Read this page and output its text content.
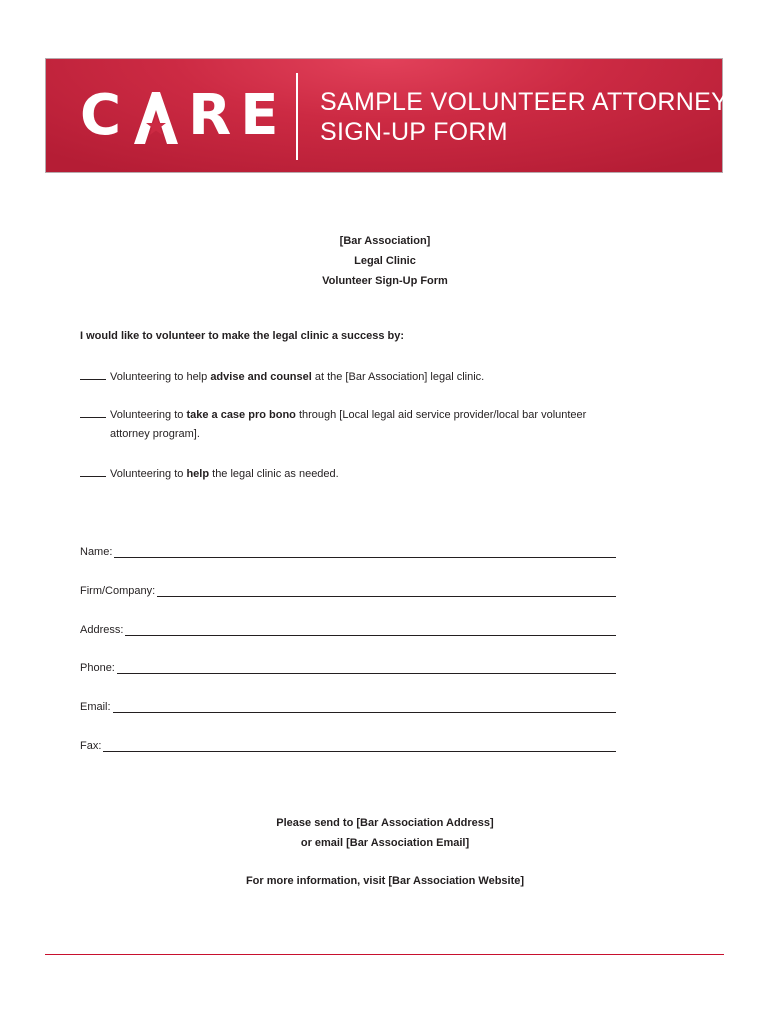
C R E SAMPLE VOLUNTEER ATTORNEY
SIGN-UP FORM
[Bar Association]
Legal Clinic
Volunteer Sign-Up Form
I would like to volunteer to make the legal clinic a success by:
Volunteering to help advise and counsel at the [Bar Association] legal clinic.
Volunteering to take a case pro bono through [Local legal aid service provider/local bar volunteer
attorney program].
Volunteering to help the legal clinic as needed.
Name:
Firm/Company:
Address:
Phone:
Email:
Fax:
Please send to [Bar Association Address]
or email [Bar Association Email]
For more information, visit [Bar Association Website]
